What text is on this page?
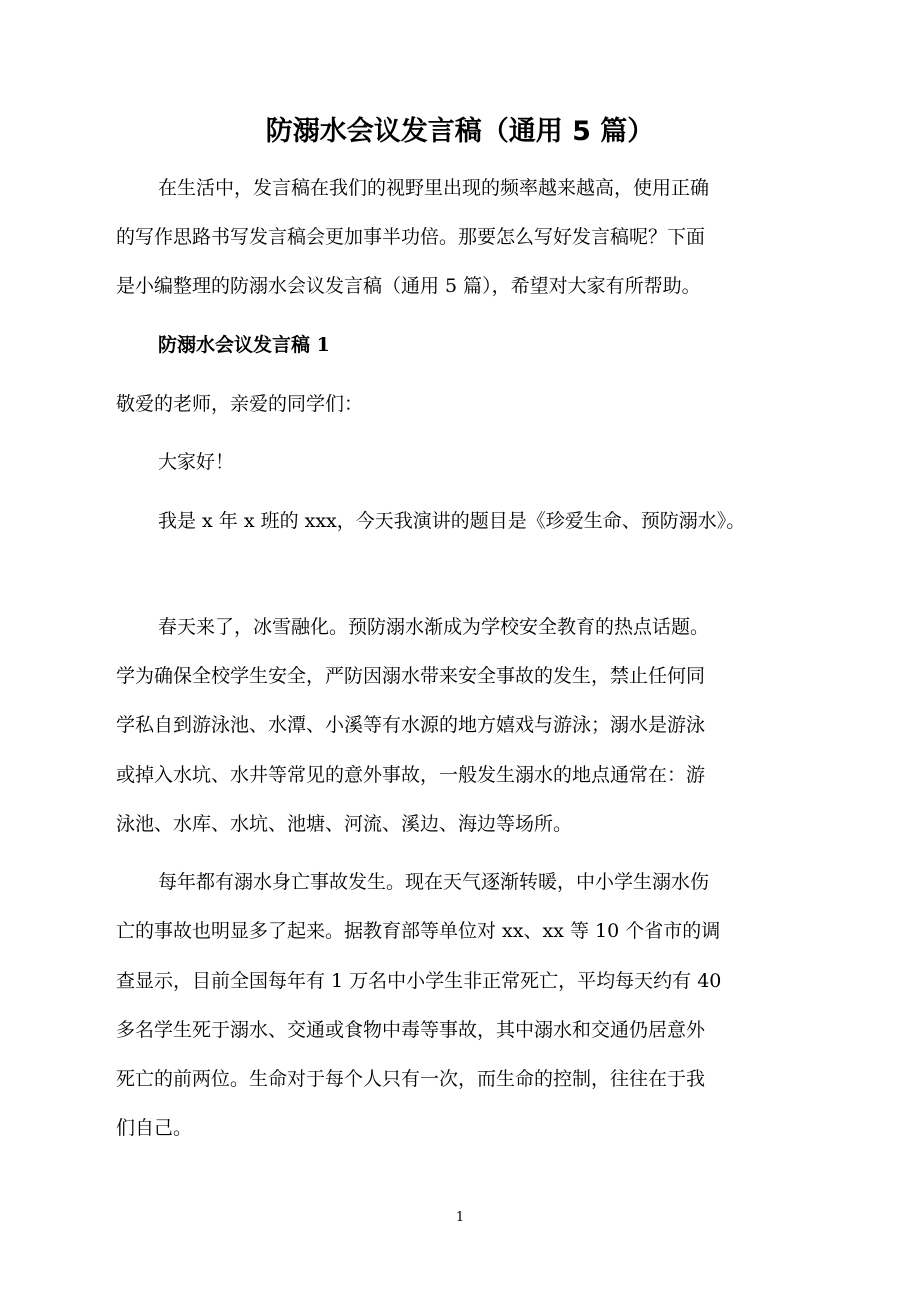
防溺水会议发言稿（通用 5 篇）
在生活中，发言稿在我们的视野里出现的频率越来越高，使用正确
的写作思路书写发言稿会更加事半功倍。那要怎么写好发言稿呢？下面
是小编整理的防溺水会议发言稿（通用 5 篇），希望对大家有所帮助。
防溺水会议发言稿 1
敬爱的老师，亲爱的同学们：
大家好！
我是 x 年 x 班的 xxx，今天我演讲的题目是《珍爱生命、预防溺水》。
春天来了，冰雪融化。预防溺水渐成为学校安全教育的热点话题。
学为确保全校学生安全，严防因溺水带来安全事故的发生，禁止任何同
学私自到游泳池、水潭、小溪等有水源的地方嬉戏与游泳；溺水是游泳
或掉入水坑、水井等常见的意外事故，一般发生溺水的地点通常在：游
泳池、水库、水坑、池塘、河流、溪边、海边等场所。
每年都有溺水身亡事故发生。现在天气逐渐转暖，中小学生溺水伤
亡的事故也明显多了起来。据教育部等单位对 xx、xx 等 10 个省市的调
查显示，目前全国每年有 1 万名中小学生非正常死亡，平均每天约有 40
多名学生死于溺水、交通或食物中毒等事故，其中溺水和交通仍居意外
死亡的前两位。生命对于每个人只有一次，而生命的控制，往往在于我
们自己。
1
